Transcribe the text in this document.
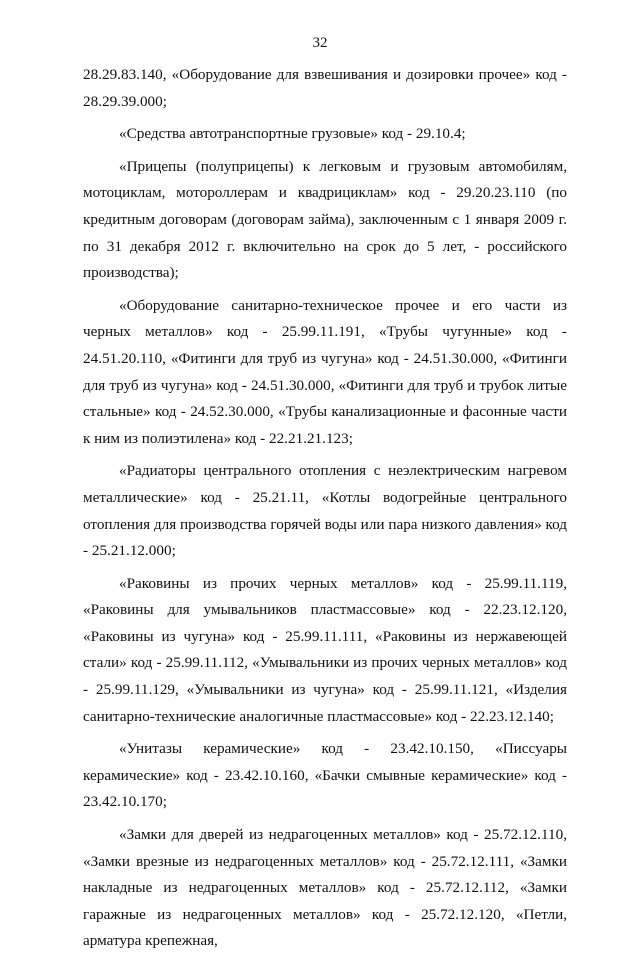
32

28.29.83.140, «Оборудование для взвешивания и дозировки прочее» код - 28.29.39.000;

«Средства автотранспортные грузовые» код - 29.10.4;

«Прицепы (полуприцепы) к легковым и грузовым автомобилям, мотоциклам, мотороллерам и квадрициклам» код - 29.20.23.110 (по кредитным договорам (договорам займа), заключенным с 1 января 2009 г. по 31 декабря 2012 г. включительно на срок до 5 лет, - российского производства);

«Оборудование санитарно-техническое прочее и его части из черных металлов» код - 25.99.11.191, «Трубы чугунные» код - 24.51.20.110, «Фитинги для труб из чугуна» код - 24.51.30.000, «Фитинги для труб из чугуна» код - 24.51.30.000, «Фитинги для труб и трубок литые стальные» код - 24.52.30.000, «Трубы канализационные и фасонные части к ним из полиэтилена» код - 22.21.21.123;

«Радиаторы центрального отопления с неэлектрическим нагревом металлические» код - 25.21.11, «Котлы водогрейные центрального отопления для производства горячей воды или пара низкого давления» код - 25.21.12.000;

«Раковины из прочих черных металлов» код - 25.99.11.119, «Раковины для умывальников пластмассовые» код - 22.23.12.120, «Раковины из чугуна» код - 25.99.11.111, «Раковины из нержавеющей стали» код - 25.99.11.112, «Умывальники из прочих черных металлов» код - 25.99.11.129, «Умывальники из чугуна» код - 25.99.11.121, «Изделия санитарно-технические аналогичные пластмассовые» код - 22.23.12.140;

«Унитазы керамические» код - 23.42.10.150, «Писсуары керамические» код - 23.42.10.160, «Бачки смывные керамические» код - 23.42.10.170;

«Замки для дверей из недрагоценных металлов» код - 25.72.12.110, «Замки врезные из недрагоценных металлов» код - 25.72.12.111, «Замки накладные из недрагоценных металлов» код - 25.72.12.112, «Замки гаражные из недрагоценных металлов» код - 25.72.12.120, «Петли, арматура крепежная,
